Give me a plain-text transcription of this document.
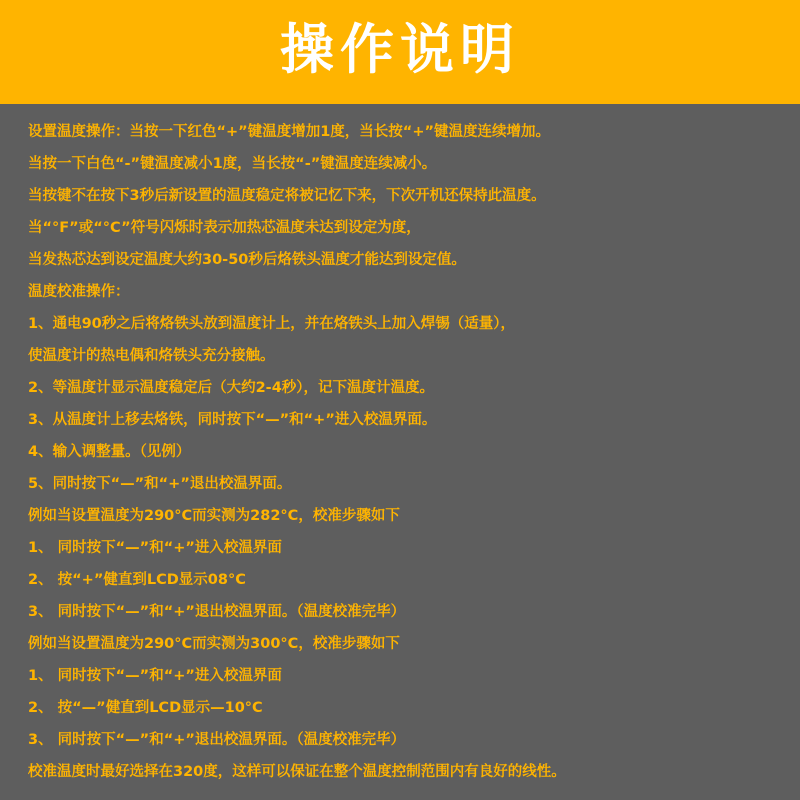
操作说明
设置温度操作：当按一下红色“+”键温度增加1度，当长按“+”键温度连续增加。
当按一下白色“-”键温度减小1度，当长按“-”键温度连续减小。
当按键不在按下3秒后新设置的温度稳定将被记忆下来，下次开机还保持此温度。
当“°F”或“°C”符号闪烁时表示加热芯温度未达到设定为度，
当发热芯达到设定温度大约30-50秒后烙铁头温度才能达到设定值。
温度校准操作：
1、通电90秒之后将烙铁头放到温度计上，并在烙铁头上加入焊锡（适量），
使温度计的热电偶和烙铁头充分接触。
2、等温度计显示温度稳定后（大约2-4秒），记下温度计温度。
3、从温度计上移去烙铁，同时按下“—”和“+”进入校温界面。
4、输入调整量。（见例）
5、同时按下“—”和“+”退出校温界面。
例如当设置温度为290°C而实测为282°C，校准步骤如下
1、 同时按下“—”和“+”进入校温界面
2、 按“+”健直到LCD显示08°C
3、 同时按下“—”和“+”退出校温界面。（温度校准完毕）
例如当设置温度为290°C而实测为300°C，校准步骤如下
1、 同时按下“—”和“+”进入校温界面
2、 按“—”健直到LCD显示—10°C
3、 同时按下“—”和“+”退出校温界面。（温度校准完毕）
校准温度时最好选择在320度，这样可以保证在整个温度控制范围内有良好的线性。
